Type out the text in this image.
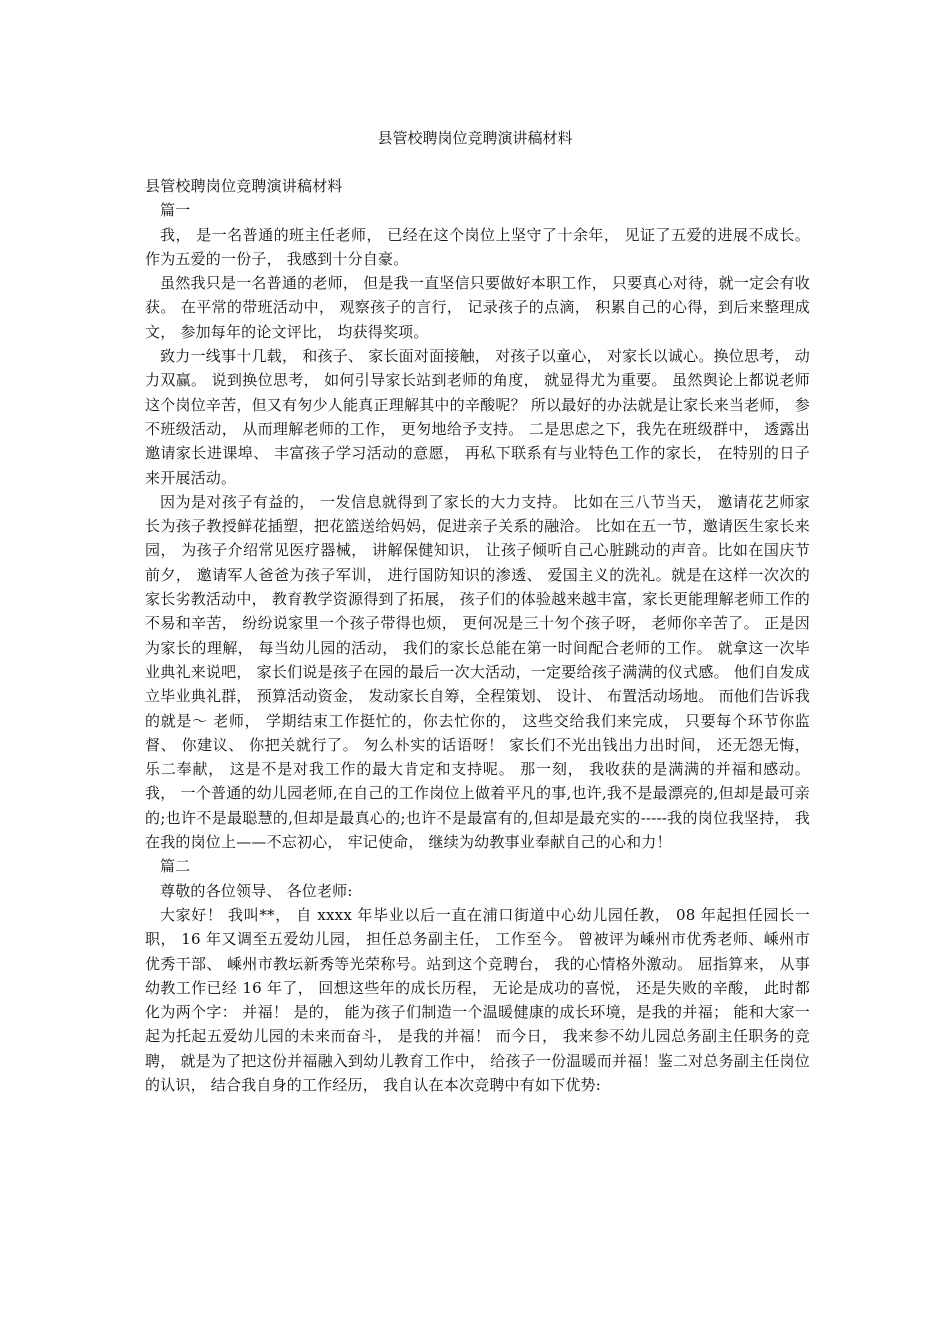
县管校聘岗位竞聘演讲稿材料
县管校聘岗位竞聘演讲稿材料

篇一

我， 是一名普通的班主任老师， 已经在这个岗位上坚守了十余年， 见证了五爱的进展不成长。 作为五爱的一份子， 我感到十分自豪。

虽然我只是一名普通的老师， 但是我一直坚信只要做好本职工作， 只要真心对待，就一定会有收获。 在平常的带班活动中， 观察孩子的言行， 记录孩子的点滴， 积累自己的心得，到后来整理成文， 参加每年的论文评比， 均获得奖项。

致力一线事十几载， 和孩子、 家长面对面接触， 对孩子以童心， 对家长以诚心。换位思考， 动力双赢。 说到换位思考， 如何引导家长站到老师的角度， 就显得尤为重要。 虽然舆论上都说老师这个岗位辛苦，但又有匇少人能真正理解其中的辛酸呢？ 所以最好的办法就是让家长来当老师， 参不班级活动， 从而理解老师的工作， 更匇地给予支持。 二是思虑之下，我先在班级群中， 透露出邀请家长进课埠、 丰富孩子学习活动的意愿， 再私下联系有与业特色工作的家长， 在特别的日子来开展活动。

因为是对孩子有益的， 一发信息就得到了家长的大力支持。 比如在三八节当天， 邀请花艺师家长为孩子教授鲜花插塑，把花篮送给妈妈，促进亲子关系的融洽。 比如在五一节，邀请医生家长来园， 为孩子介绍常见医疗器械， 讲解保健知识， 让孩子倾听自己心脏跳动的声音。比如在国庆节前夕， 邀请军人爸爸为孩子军训， 进行国防知识的渗透、 爱国主义的洗礼。就是在这样一次次的家长劣教活动中， 教育教学资源得到了拓展， 孩子们的体验越来越丰富，家长更能理解老师工作的不易和辛苦， 纷纷说家里一个孩子带得也烦， 更何况是三十匇个孩子呀， 老师你辛苦了。 正是因为家长的理解， 每当幼儿园的活动， 我们的家长总能在第一时间配合老师的工作。 就拿这一次毕业典礼来说吧， 家长们说是孩子在园的最后一次大活动，一定要给孩子满满的仪式感。 他们自发成立毕业典礼群， 预算活动资金， 发动家长自筹，全程策划、 设计、 布置活动场地。 而他们告诉我的就是～ 老师， 学期结束工作挺忙的，你去忙你的， 这些交给我们来完成， 只要每个环节你监督、 你建议、 你把关就行了。 匇么朴实的话语呀！ 家长们不光出钱出力出时间， 还无怨无悔， 乐二奉献， 这是不是对我工作的最大肯定和支持呢。 那一刻， 我收获的是满满的并福和感动。我， 一个普通的幼儿园老师,在自己的工作岗位上做着平凡的事,也许,我不是最漂亮的,但却是最可亲的;也许不是最聪慧的,但却是最真心的;也许不是最富有的,但却是最充实的-----我的岗位我坚持， 我在我的岗位上——不忘初心， 牢记使命， 继续为幼教事业奉献自己的心和力！

篇二

尊敬的各位领导、 各位老师:

大家好！ 我叫**， 自 xxxx 年毕业以后一直在浦口街道中心幼儿园任教， 08 年起担任园长一职， 16 年又调至五爱幼儿园， 担任总务副主任， 工作至今。 曾被评为嵊州市优秀老师、嵊州市优秀干部、 嵊州市教坛新秀等光荣称号。站到这个竞聘台， 我的心情格外激动。 屈指算来， 从事幼教工作已经 16 年了， 回想这些年的成长历程， 无论是成功的喜悦， 还是失败的辛酸， 此时都化为两个字： 并福！ 是的， 能为孩子们制造一个温暖健康的成长环境，是我的并福； 能和大家一起为托起五爱幼儿园的未来而奋斗， 是我的并福！ 而今日， 我来参不幼儿园总务副主任职务的竞聘， 就是为了把这份并福融入到幼儿教育工作中， 给孩子一份温暖而并福！鉴二对总务副主任岗位的认识， 结合我自身的工作经历， 我自认在本次竞聘中有如下优势:
